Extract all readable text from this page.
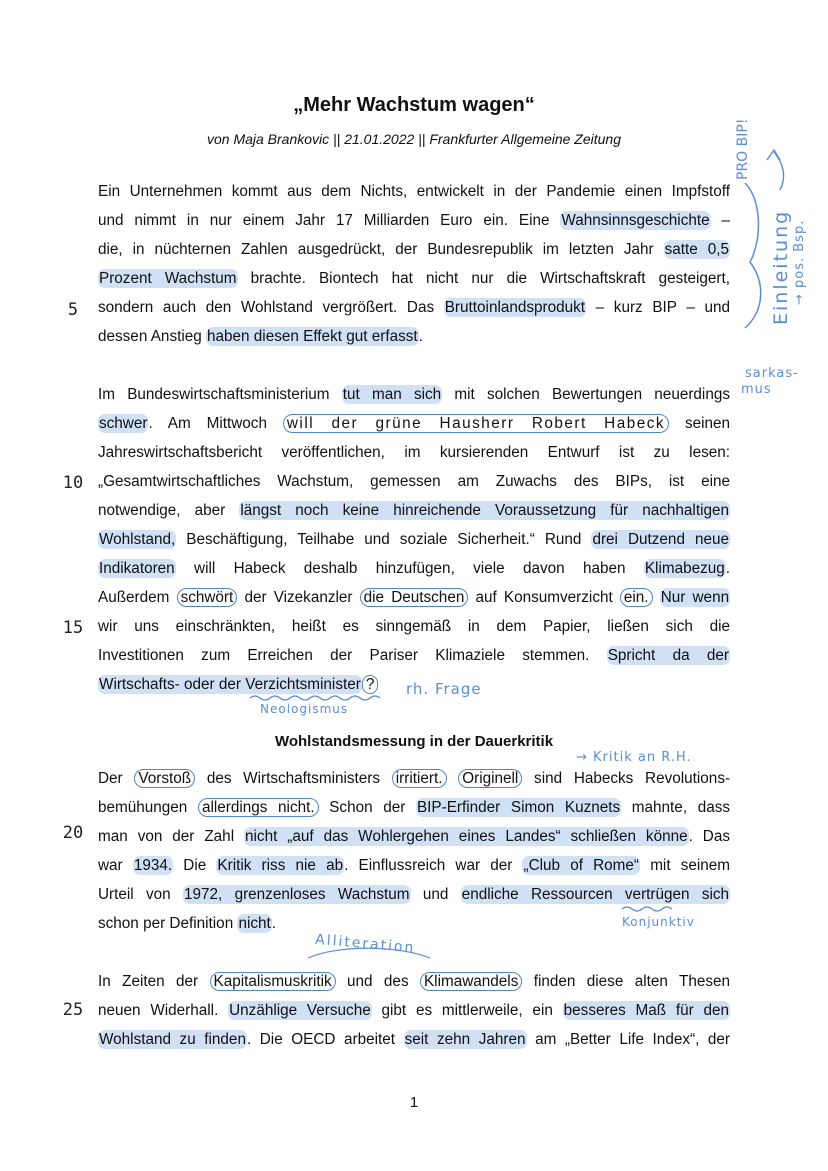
„Mehr Wachstum wagen“
von Maja Brankovic || 21.01.2022 || Frankfurter Allgemeine Zeitung
Ein Unternehmen kommt aus dem Nichts, entwickelt in der Pandemie einen Impfstoff
und nimmt in nur einem Jahr 17 Milliarden Euro ein. Eine Wahnsinnsgeschichte –
die, in nüchternen Zahlen ausgedrückt, der Bundesrepublik im letzten Jahr satte 0,5
Prozent Wachstum brachte. Biontech hat nicht nur die Wirtschaftskraft gesteigert,
sondern auch den Wohlstand vergrößert. Das Bruttoinlandsprodukt – kurz BIP – und
dessen Anstieg haben diesen Effekt gut erfasst.
Im Bundeswirtschaftsministerium tut man sich mit solchen Bewertungen neuerdings
schwer. Am Mittwoch will der grüne Hausherr Robert Habeck seinen
Jahreswirtschaftsbericht veröffentlichen, im kursierenden Entwurf ist zu lesen:
„Gesamtwirtschaftliches Wachstum, gemessen am Zuwachs des BIPs, ist eine
notwendige, aber längst noch keine hinreichende Voraussetzung für nachhaltigen
Wohlstand, Beschäftigung, Teilhabe und soziale Sicherheit.“ Rund drei Dutzend neue
Indikatoren will Habeck deshalb hinzufügen, viele davon haben Klimabezug.
Außerdem schwört der Vizekanzler die Deutschen auf Konsumverzicht ein. Nur wenn
wir uns einschränkten, heißt es sinngemäß in dem Papier, ließen sich die
Investitionen zum Erreichen der Pariser Klimaziele stemmen. Spricht da der
Wirtschafts- oder der Verzichtsminister ?
Wohlstandsmessung in der Dauerkritik
Der Vorstoß des Wirtschaftsministers irritiert. Originell sind Habecks Revolutions-
bemühungen allerdings nicht. Schon der BIP-Erfinder Simon Kuznets mahnte, dass
man von der Zahl nicht „auf das Wohlergehen eines Landes“ schließen könne. Das
war 1934. Die Kritik riss nie ab. Einflussreich war der „Club of Rome“ mit seinem
Urteil von 1972, grenzenloses Wachstum und endliche Ressourcen vertrügen sich
schon per Definition nicht.
In Zeiten der Kapitalismuskritik und des Klimawandels finden diese alten Thesen
neuen Widerhall. Unzählige Versuche gibt es mittlerweile, ein besseres Maß für den
Wohlstand zu finden. Die OECD arbeitet seit zehn Jahren am „Better Life Index“, der
5
10
15
20
25
PRO BIP!
Einleitung → pos. Bsp.
sarkas-
mus
rh. Frage
Neologismus
→ Kritik an R.H.
Konjunktiv
Alliteration
1
